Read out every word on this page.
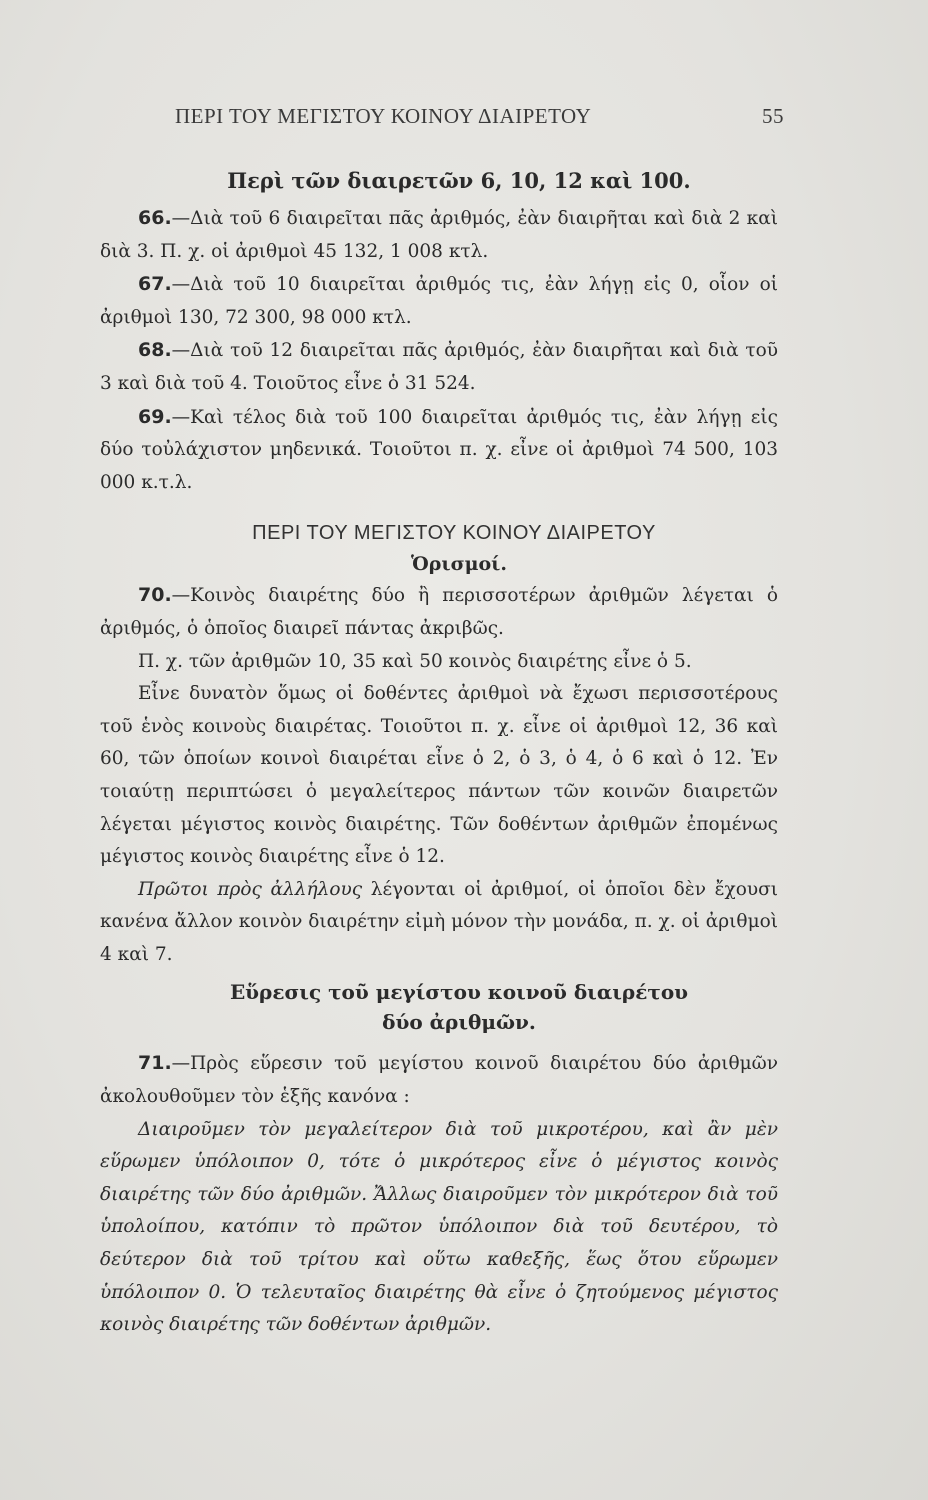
ΠΕΡΙ ΤΟΥ ΜΕΓΙΣΤΟΥ ΚΟΙΝΟΥ ΔΙΑΙΡΕΤΟΥ	55
Περὶ τῶν διαιρετῶν 6, 10, 12 καὶ 100.

66.—Διὰ τοῦ 6 διαιρεῖται πᾶς ἀριθμός, ἐὰν διαιρῆται καὶ διὰ 2 καὶ διὰ 3. Π. χ. οἱ ἀριθμοὶ 45 132, 1 008 κτλ.

67.—Διὰ τοῦ 10 διαιρεῖται ἀριθμός τις, ἐὰν λήγῃ εἰς 0, οἷον οἱ ἀριθμοὶ 130, 72 300, 98 000 κτλ.

68.—Διὰ τοῦ 12 διαιρεῖται πᾶς ἀριθμός, ἐὰν διαιρῆται καὶ διὰ τοῦ 3 καὶ διὰ τοῦ 4. Τοιοῦτος εἶνε ὁ 31 524.

69.—Καὶ τέλος διὰ τοῦ 100 διαιρεῖται ἀριθμός τις, ἐὰν λήγῃ εἰς δύο τοὐλάχιστον μηδενικά. Τοιοῦτοι π. χ. εἶνε οἱ ἀριθμοὶ 74 500, 103 000 κ.τ.λ.

ΠΕΡΙ ΤΟΥ ΜΕΓΙΣΤΟΥ ΚΟΙΝΟΥ ΔΙΑΙΡΕΤΟΥ
Ὁρισμοί.

70.—Κοινὸς διαιρέτης δύο ἢ περισσοτέρων ἀριθμῶν λέγεται ὁ ἀριθμός, ὁ ὁποῖος διαιρεῖ πάντας ἀκριβῶς.

Π. χ. τῶν ἀριθμῶν 10, 35 καὶ 50 κοινὸς διαιρέτης εἶνε ὁ 5.

Εἶνε δυνατὸν ὅμως οἱ δοθέντες ἀριθμοὶ νὰ ἔχωσι περισσοτέρους τοῦ ἑνὸς κοινοὺς διαιρέτας. Τοιοῦτοι π. χ. εἶνε οἱ ἀριθμοὶ 12, 36 καὶ 60, τῶν ὁποίων κοινοὶ διαιρέται εἶνε ὁ 2, ὁ 3, ὁ 4, ὁ 6 καὶ ὁ 12. Ἐν τοιαύτῃ περιπτώσει ὁ μεγαλείτερος πάντων τῶν κοινῶν διαιρετῶν λέγεται μέγιστος κοινὸς διαιρέτης. Τῶν δοθέντων ἀριθμῶν ἐπομένως μέγιστος κοινὸς διαιρέτης εἶνε ὁ 12.

Πρῶτοι πρὸς ἀλλήλους λέγονται οἱ ἀριθμοί, οἱ ὁποῖοι δὲν ἔχουσι κανένα ἄλλον κοινὸν διαιρέτην εἰμὴ μόνον τὴν μονάδα, π. χ. οἱ ἀριθμοὶ 4 καὶ 7.

Εὕρεσις τοῦ μεγίστου κοινοῦ διαιρέτου
δύο ἀριθμῶν.

71.—Πρὸς εὕρεσιν τοῦ μεγίστου κοινοῦ διαιρέτου δύο ἀριθμῶν ἀκολουθοῦμεν τὸν ἑξῆς κανόνα :

Διαιροῦμεν τὸν μεγαλείτερον διὰ τοῦ μικροτέρου, καὶ ἂν μὲν εὕρωμεν ὑπόλοιπον 0, τότε ὁ μικρότερος εἶνε ὁ μέγιστος κοινὸς διαιρέτης τῶν δύο ἀριθμῶν. Ἄλλως διαιροῦμεν τὸν μικρότερον διὰ τοῦ ὑπολοίπου, κατόπιν τὸ πρῶτον ὑπόλοιπον διὰ τοῦ δευτέρου, τὸ δεύτερον διὰ τοῦ τρίτου καὶ οὕτω καθεξῆς, ἕως ὅτου εὕρωμεν ὑπόλοιπον 0. Ὁ τελευταῖος διαιρέτης θὰ εἶνε ὁ ζητούμενος μέγιστος κοινὸς διαιρέτης τῶν δοθέντων ἀριθμῶν.
